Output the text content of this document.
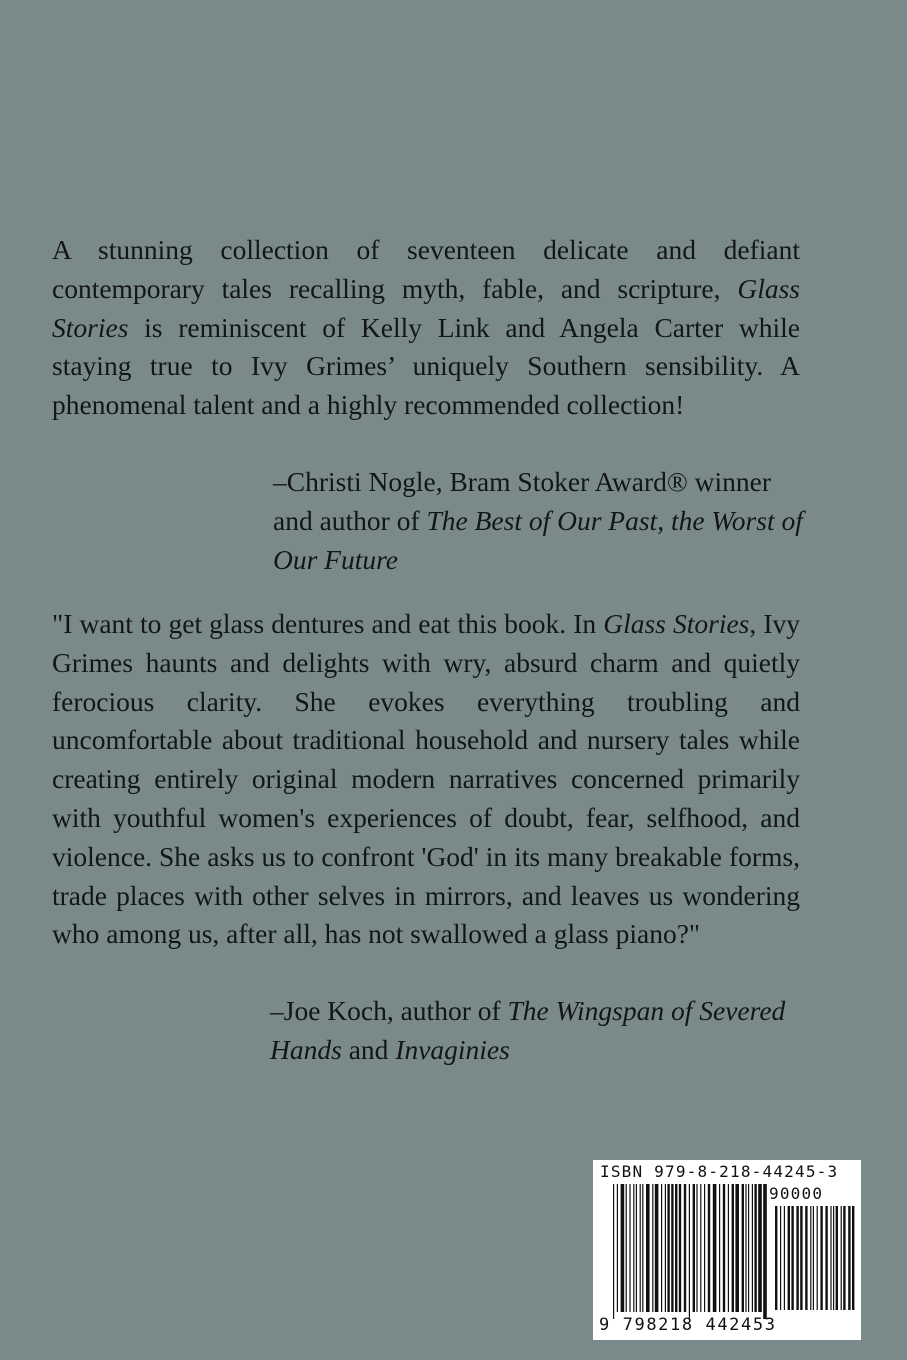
A stunning collection of seventeen delicate and defiant contemporary tales recalling myth, fable, and scripture, Glass Stories is reminiscent of Kelly Link and Angela Carter while staying true to Ivy Grimes’ uniquely Southern sensibility. A phenomenal talent and a highly recommended collection!

–Christi Nogle, Bram Stoker Award® winner and author of The Best of Our Past, the Worst of Our Future

"I want to get glass dentures and eat this book. In Glass Stories, Ivy Grimes haunts and delights with wry, absurd charm and quietly ferocious clarity. She evokes everything troubling and uncomfortable about traditional household and nursery tales while creating entirely original modern narratives concerned primarily with youthful women's experiences of doubt, fear, selfhood, and violence. She asks us to confront 'God' in its many breakable forms, trade places with other selves in mirrors, and leaves us wondering who among us, after all, has not swallowed a glass piano?"

–Joe Koch, author of The Wingspan of Severed Hands and Invaginies

ISBN 979-8-218-44245-3
90000
9 798218 442453
